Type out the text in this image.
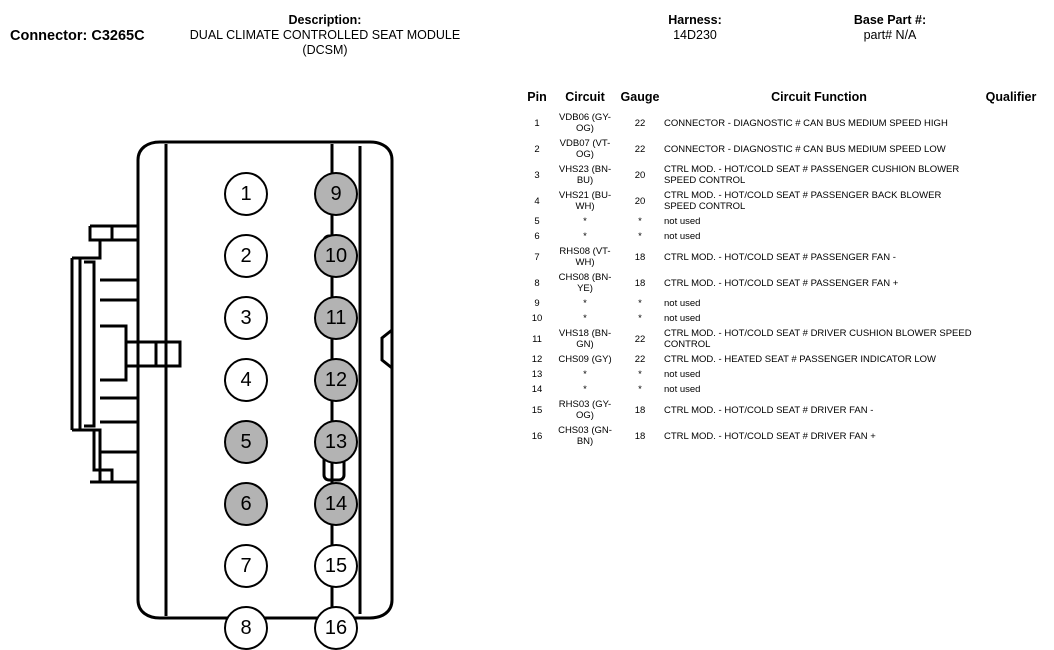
Connector: C3265C
Description:
DUAL CLIMATE CONTROLLED SEAT MODULE (DCSM)
Harness:
14D230
Base Part #:
part# N/A
1
2
3
4
5
6
7
8
9
10
11
12
13
14
15
16
Pin	Circuit	Gauge	Circuit Function	Qualifier
1	VDB06 (GY-OG)	22	CONNECTOR - DIAGNOSTIC # CAN BUS MEDIUM SPEED HIGH	
2	VDB07 (VT-OG)	22	CONNECTOR - DIAGNOSTIC # CAN BUS MEDIUM SPEED LOW	
3	VHS23 (BN-BU)	20	CTRL MOD. - HOT/COLD SEAT # PASSENGER CUSHION BLOWER SPEED CONTROL	
4	VHS21 (BU-WH)	20	CTRL MOD. - HOT/COLD SEAT # PASSENGER BACK BLOWER SPEED CONTROL	
5	*	*	not used	
6	*	*	not used	
7	RHS08 (VT-WH)	18	CTRL MOD. - HOT/COLD SEAT # PASSENGER FAN -	
8	CHS08 (BN-YE)	18	CTRL MOD. - HOT/COLD SEAT # PASSENGER FAN +	
9	*	*	not used	
10	*	*	not used	
11	VHS18 (BN-GN)	22	CTRL MOD. - HOT/COLD SEAT # DRIVER CUSHION BLOWER SPEED CONTROL	
12	CHS09 (GY)	22	CTRL MOD. - HEATED SEAT # PASSENGER INDICATOR LOW	
13	*	*	not used	
14	*	*	not used	
15	RHS03 (GY-OG)	18	CTRL MOD. - HOT/COLD SEAT # DRIVER FAN -	
16	CHS03 (GN-BN)	18	CTRL MOD. - HOT/COLD SEAT # DRIVER FAN +	
